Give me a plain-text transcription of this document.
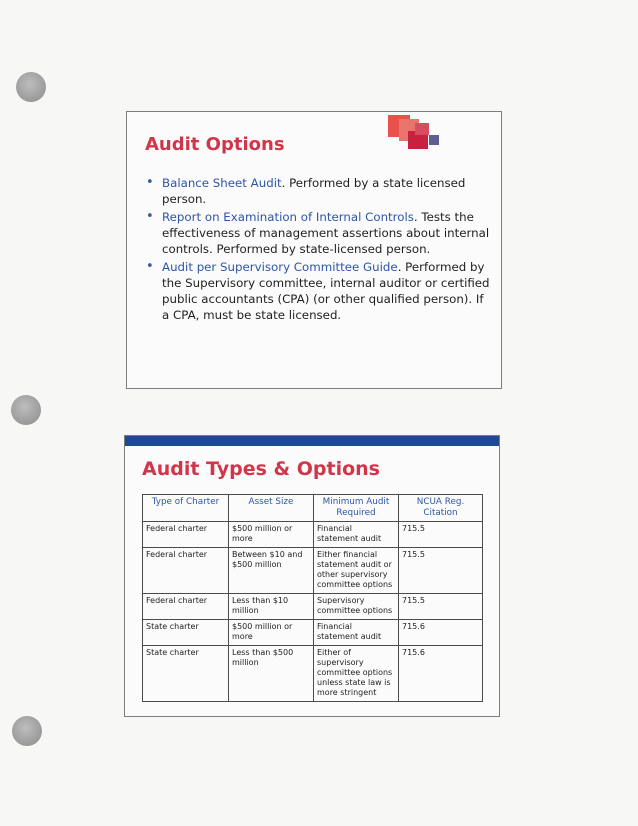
Audit Options
• Balance Sheet Audit. Performed by a state licensed person.
• Report on Examination of Internal Controls. Tests the effectiveness of management assertions about internal controls. Performed by state-licensed person.
• Audit per Supervisory Committee Guide. Performed by the Supervisory committee, internal auditor or certified public accountants (CPA) (or other qualified person). If a CPA, must be state licensed.
Audit Types & Options
Type of Charter	Asset Size	Minimum Audit Required	NCUA Reg. Citation
Federal charter	$500 million or more	Financial statement audit	715.5
Federal charter	Between $10 and $500 million	Either financial statement audit or other supervisory committee options	715.5
Federal charter	Less than $10 million	Supervisory committee options	715.5
State charter	$500 million or more	Financial statement audit	715.6
State charter	Less than $500 million	Either of supervisory committee options unless state law is more stringent	715.6
